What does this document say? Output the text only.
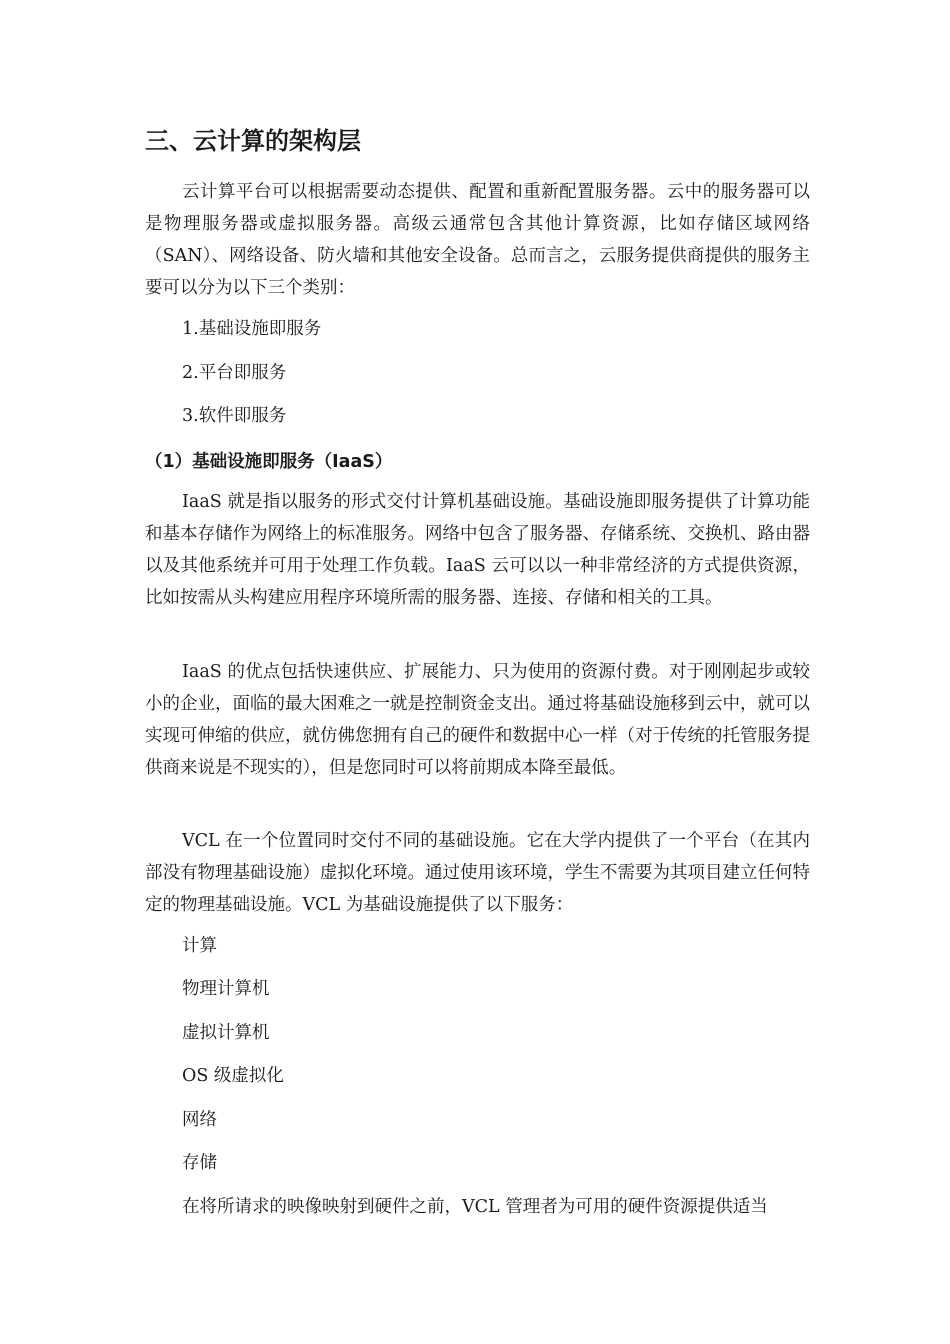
三、云计算的架构层

云计算平台可以根据需要动态提供、配置和重新配置服务器。云中的服务器可以是物理服务器或虚拟服务器。高级云通常包含其他计算资源，比如存储区域网络（SAN）、网络设备、防火墙和其他安全设备。总而言之，云服务提供商提供的服务主要可以分为以下三个类别：

1.基础设施即服务
2.平台即服务
3.软件即服务
（1）基础设施即服务（IaaS）

IaaS 就是指以服务的形式交付计算机基础设施。基础设施即服务提供了计算功能和基本存储作为网络上的标准服务。网络中包含了服务器、存储系统、交换机、路由器以及其他系统并可用于处理工作负载。IaaS 云可以以一种非常经济的方式提供资源，比如按需从头构建应用程序环境所需的服务器、连接、存储和相关的工具。

IaaS 的优点包括快速供应、扩展能力、只为使用的资源付费。对于刚刚起步或较小的企业，面临的最大困难之一就是控制资金支出。通过将基础设施移到云中，就可以实现可伸缩的供应，就仿佛您拥有自己的硬件和数据中心一样（对于传统的托管服务提供商来说是不现实的），但是您同时可以将前期成本降至最低。

VCL 在一个位置同时交付不同的基础设施。它在大学内提供了一个平台（在其内部没有物理基础设施）虚拟化环境。通过使用该环境，学生不需要为其项目建立任何特定的物理基础设施。VCL 为基础设施提供了以下服务：

计算
物理计算机
虚拟计算机
OS 级虚拟化
网络
存储
在将所请求的映像映射到硬件之前，VCL 管理者为可用的硬件资源提供适当
